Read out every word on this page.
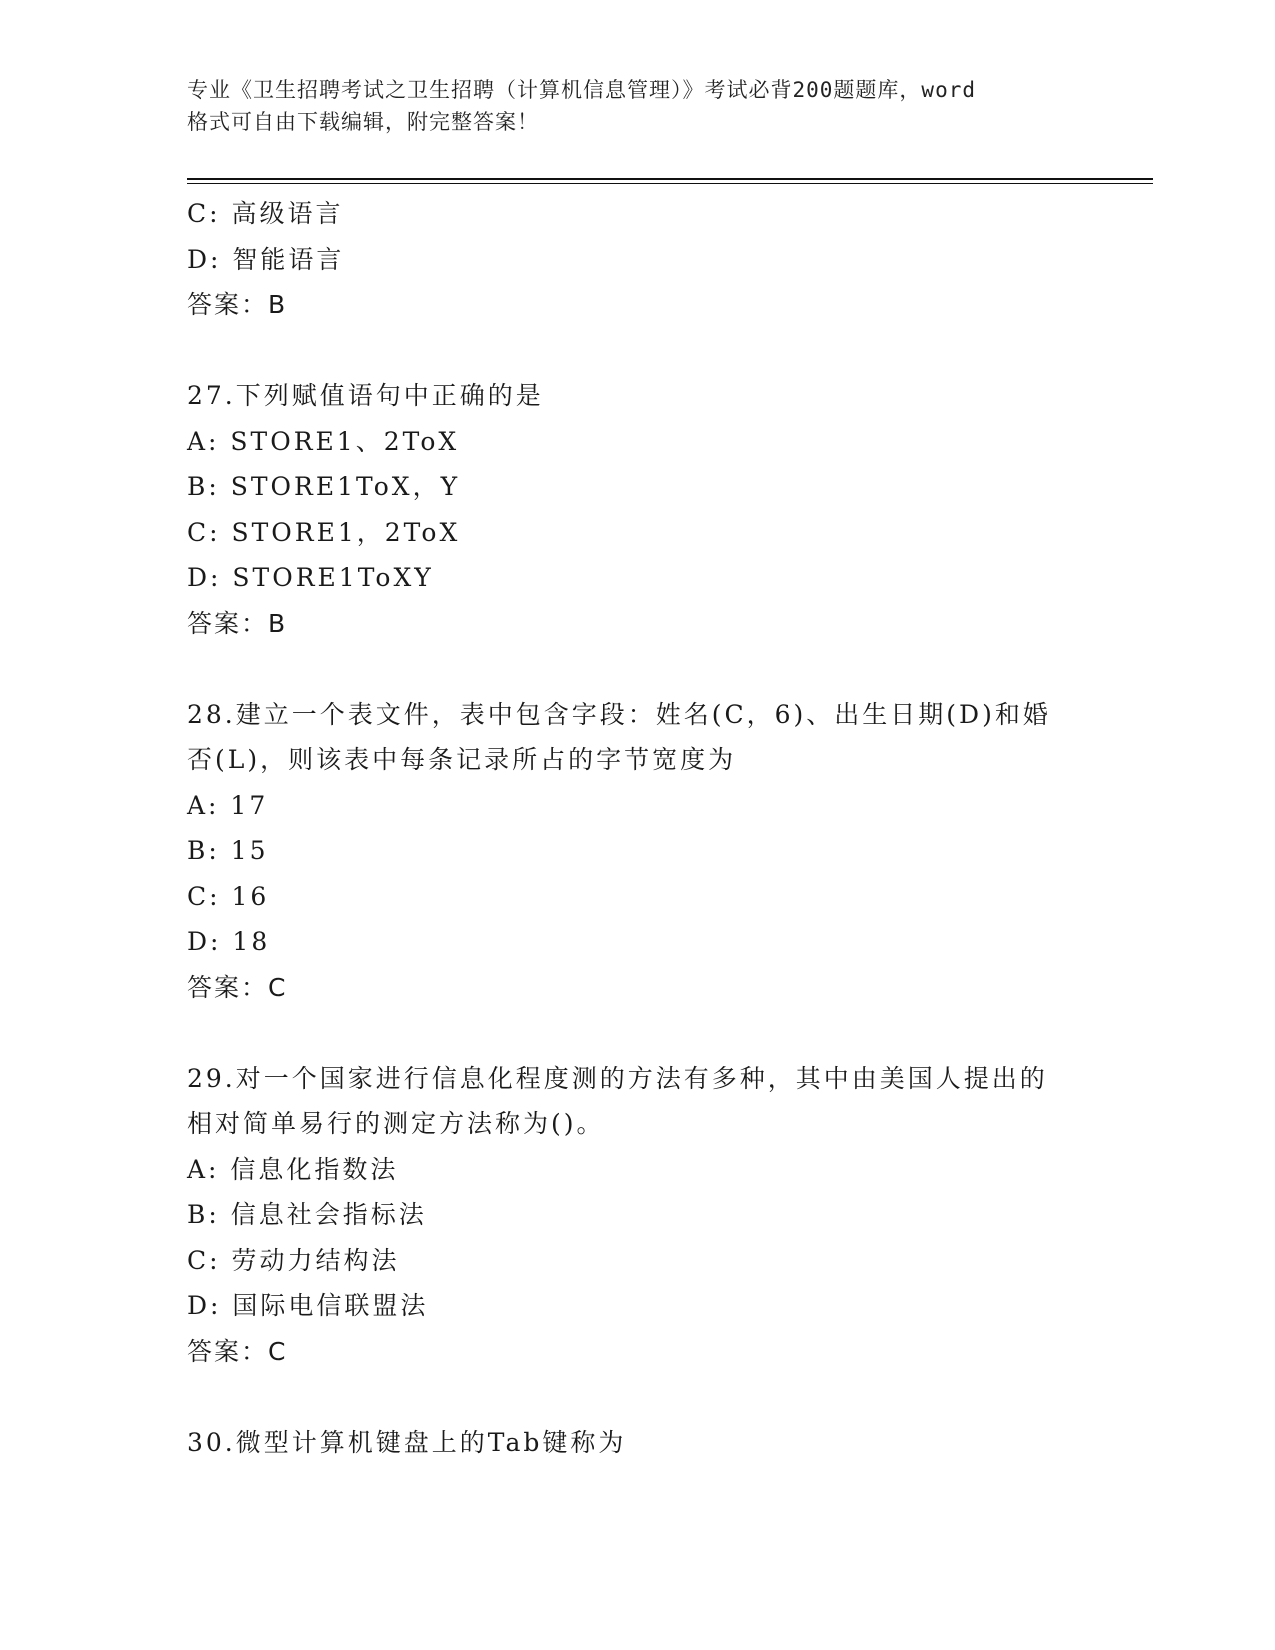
专业《卫生招聘考试之卫生招聘（计算机信息管理）》考试必背200题题库，word
格式可自由下载编辑，附完整答案！
C: 高级语言
D: 智能语言
答案：B
27.下列赋值语句中正确的是
A: STORE1、2ToX
B: STORE1ToX，Y
C: STORE1，2ToX
D: STORE1ToXY
答案：B
28.建立一个表文件，表中包含字段：姓名(C，6)、出生日期(D)和婚
否(L)，则该表中每条记录所占的字节宽度为
A: 17
B: 15
C: 16
D: 18
答案：C
29.对一个国家进行信息化程度测的方法有多种，其中由美国人提出的
相对简单易行的测定方法称为()。
A: 信息化指数法
B: 信息社会指标法
C: 劳动力结构法
D: 国际电信联盟法
答案：C
30.微型计算机键盘上的Tab键称为
